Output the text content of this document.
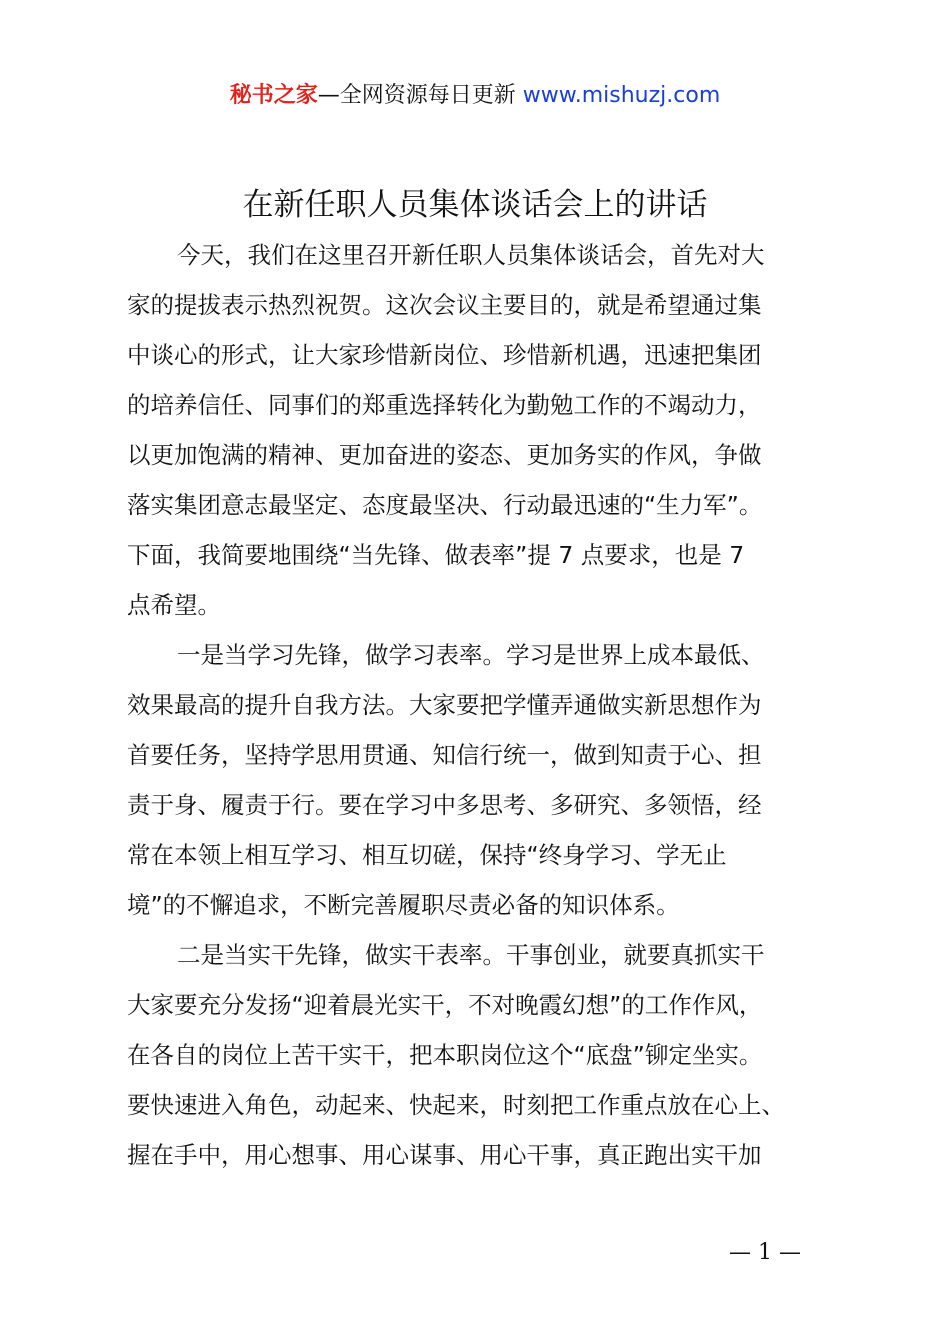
秘书之家—全网资源每日更新 www.mishuzj.com
在新任职人员集体谈话会上的讲话
今天，我们在这里召开新任职人员集体谈话会，首先对大
家的提拔表示热烈祝贺。这次会议主要目的，就是希望通过集
中谈心的形式，让大家珍惜新岗位、珍惜新机遇，迅速把集团
的培养信任、同事们的郑重选择转化为勤勉工作的不竭动力，
以更加饱满的精神、更加奋进的姿态、更加务实的作风，争做
落实集团意志最坚定、态度最坚决、行动最迅速的“生力军”。
下面，我简要地围绕“当先锋、做表率”提 7 点要求，也是 7
点希望。
一是当学习先锋，做学习表率。学习是世界上成本最低、
效果最高的提升自我方法。大家要把学懂弄通做实新思想作为
首要任务，坚持学思用贯通、知信行统一，做到知责于心、担
责于身、履责于行。要在学习中多思考、多研究、多领悟，经
常在本领上相互学习、相互切磋，保持“终身学习、学无止
境”的不懈追求，不断完善履职尽责必备的知识体系。
二是当实干先锋，做实干表率。干事创业，就要真抓实干
大家要充分发扬“迎着晨光实干，不对晚霞幻想”的工作作风，
在各自的岗位上苦干实干，把本职岗位这个“底盘”铆定坐实。
要快速进入角色，动起来、快起来，时刻把工作重点放在心上、
握在手中，用心想事、用心谋事、用心干事，真正跑出实干加
— 1 —
